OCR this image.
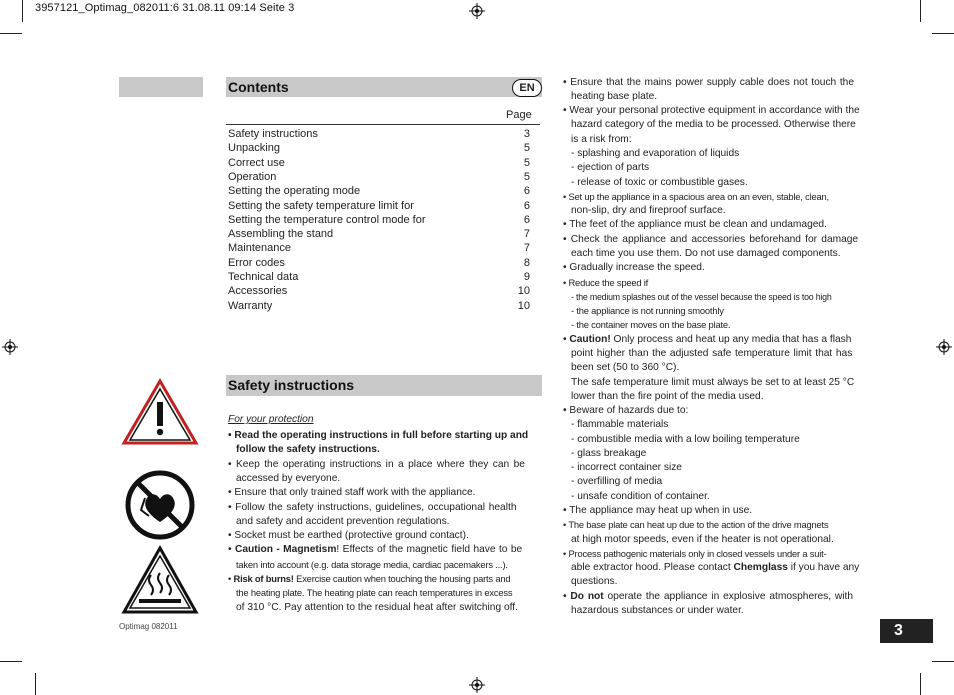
3957121_Optimag_082011:6 31.08.11 09:14 Seite 3
Contents	EN
Page
Safety instructions	3
Unpacking	5
Correct use	5
Operation	5
Setting the operating mode	6
Setting the safety temperature limit for	6
Setting the temperature control mode for	6
Assembling the stand	7
Maintenance	7
Error codes	8
Technical data	9
Accessories	10
Warranty	10
Safety instructions
For your protection
• Read the operating instructions in full before starting up and
follow the safety instructions.
• Keep the operating instructions in a place where they can be
accessed by everyone.
• Ensure that only trained staff work with the appliance.
• Follow the safety instructions, guidelines, occupational health
and safety and accident prevention regulations.
• Socket must be earthed (protective ground contact).
• Caution - Magnetism! Effects of the magnetic field have to be
taken into account (e.g. data storage media, cardiac pacemakers ...).
• Risk of burns! Exercise caution when touching the housing parts and
the heating plate. The heating plate can reach temperatures in excess
of 310 °C. Pay attention to the residual heat after switching off.
• Ensure that the mains power supply cable does not touch the
heating base plate.
• Wear your personal protective equipment in accordance with the
hazard category of the media to be processed. Otherwise there
is a risk from:
- splashing and evaporation of liquids
- ejection of parts
- release of toxic or combustible gases.
• Set up the appliance in a spacious area on an even, stable, clean,
non-slip, dry and fireproof surface.
• The feet of the appliance must be clean and undamaged.
• Check the appliance and accessories beforehand for damage
each time you use them. Do not use damaged components.
• Gradually increase the speed.
• Reduce the speed if
- the medium splashes out of the vessel because the speed is too high
- the appliance is not running smoothly
- the container moves on the base plate.
• Caution! Only process and heat up any media that has a flash
point higher than the adjusted safe temperature limit that has
been set (50 to 360 °C).
The safe temperature limit must always be set to at least 25 °C
lower than the fire point of the media used.
• Beware of hazards due to:
- flammable materials
- combustible media with a low boiling temperature
- glass breakage
- incorrect container size
- overfilling of media
- unsafe condition of container.
• The appliance may heat up when in use.
• The base plate can heat up due to the action of the drive magnets
at high motor speeds, even if the heater is not operational.
• Process pathogenic materials only in closed vessels under a suit-
able extractor hood. Please contact Chemglass if you have any
questions.
• Do not operate the appliance in explosive atmospheres, with
hazardous substances or under water.
Optimag 082011	3
